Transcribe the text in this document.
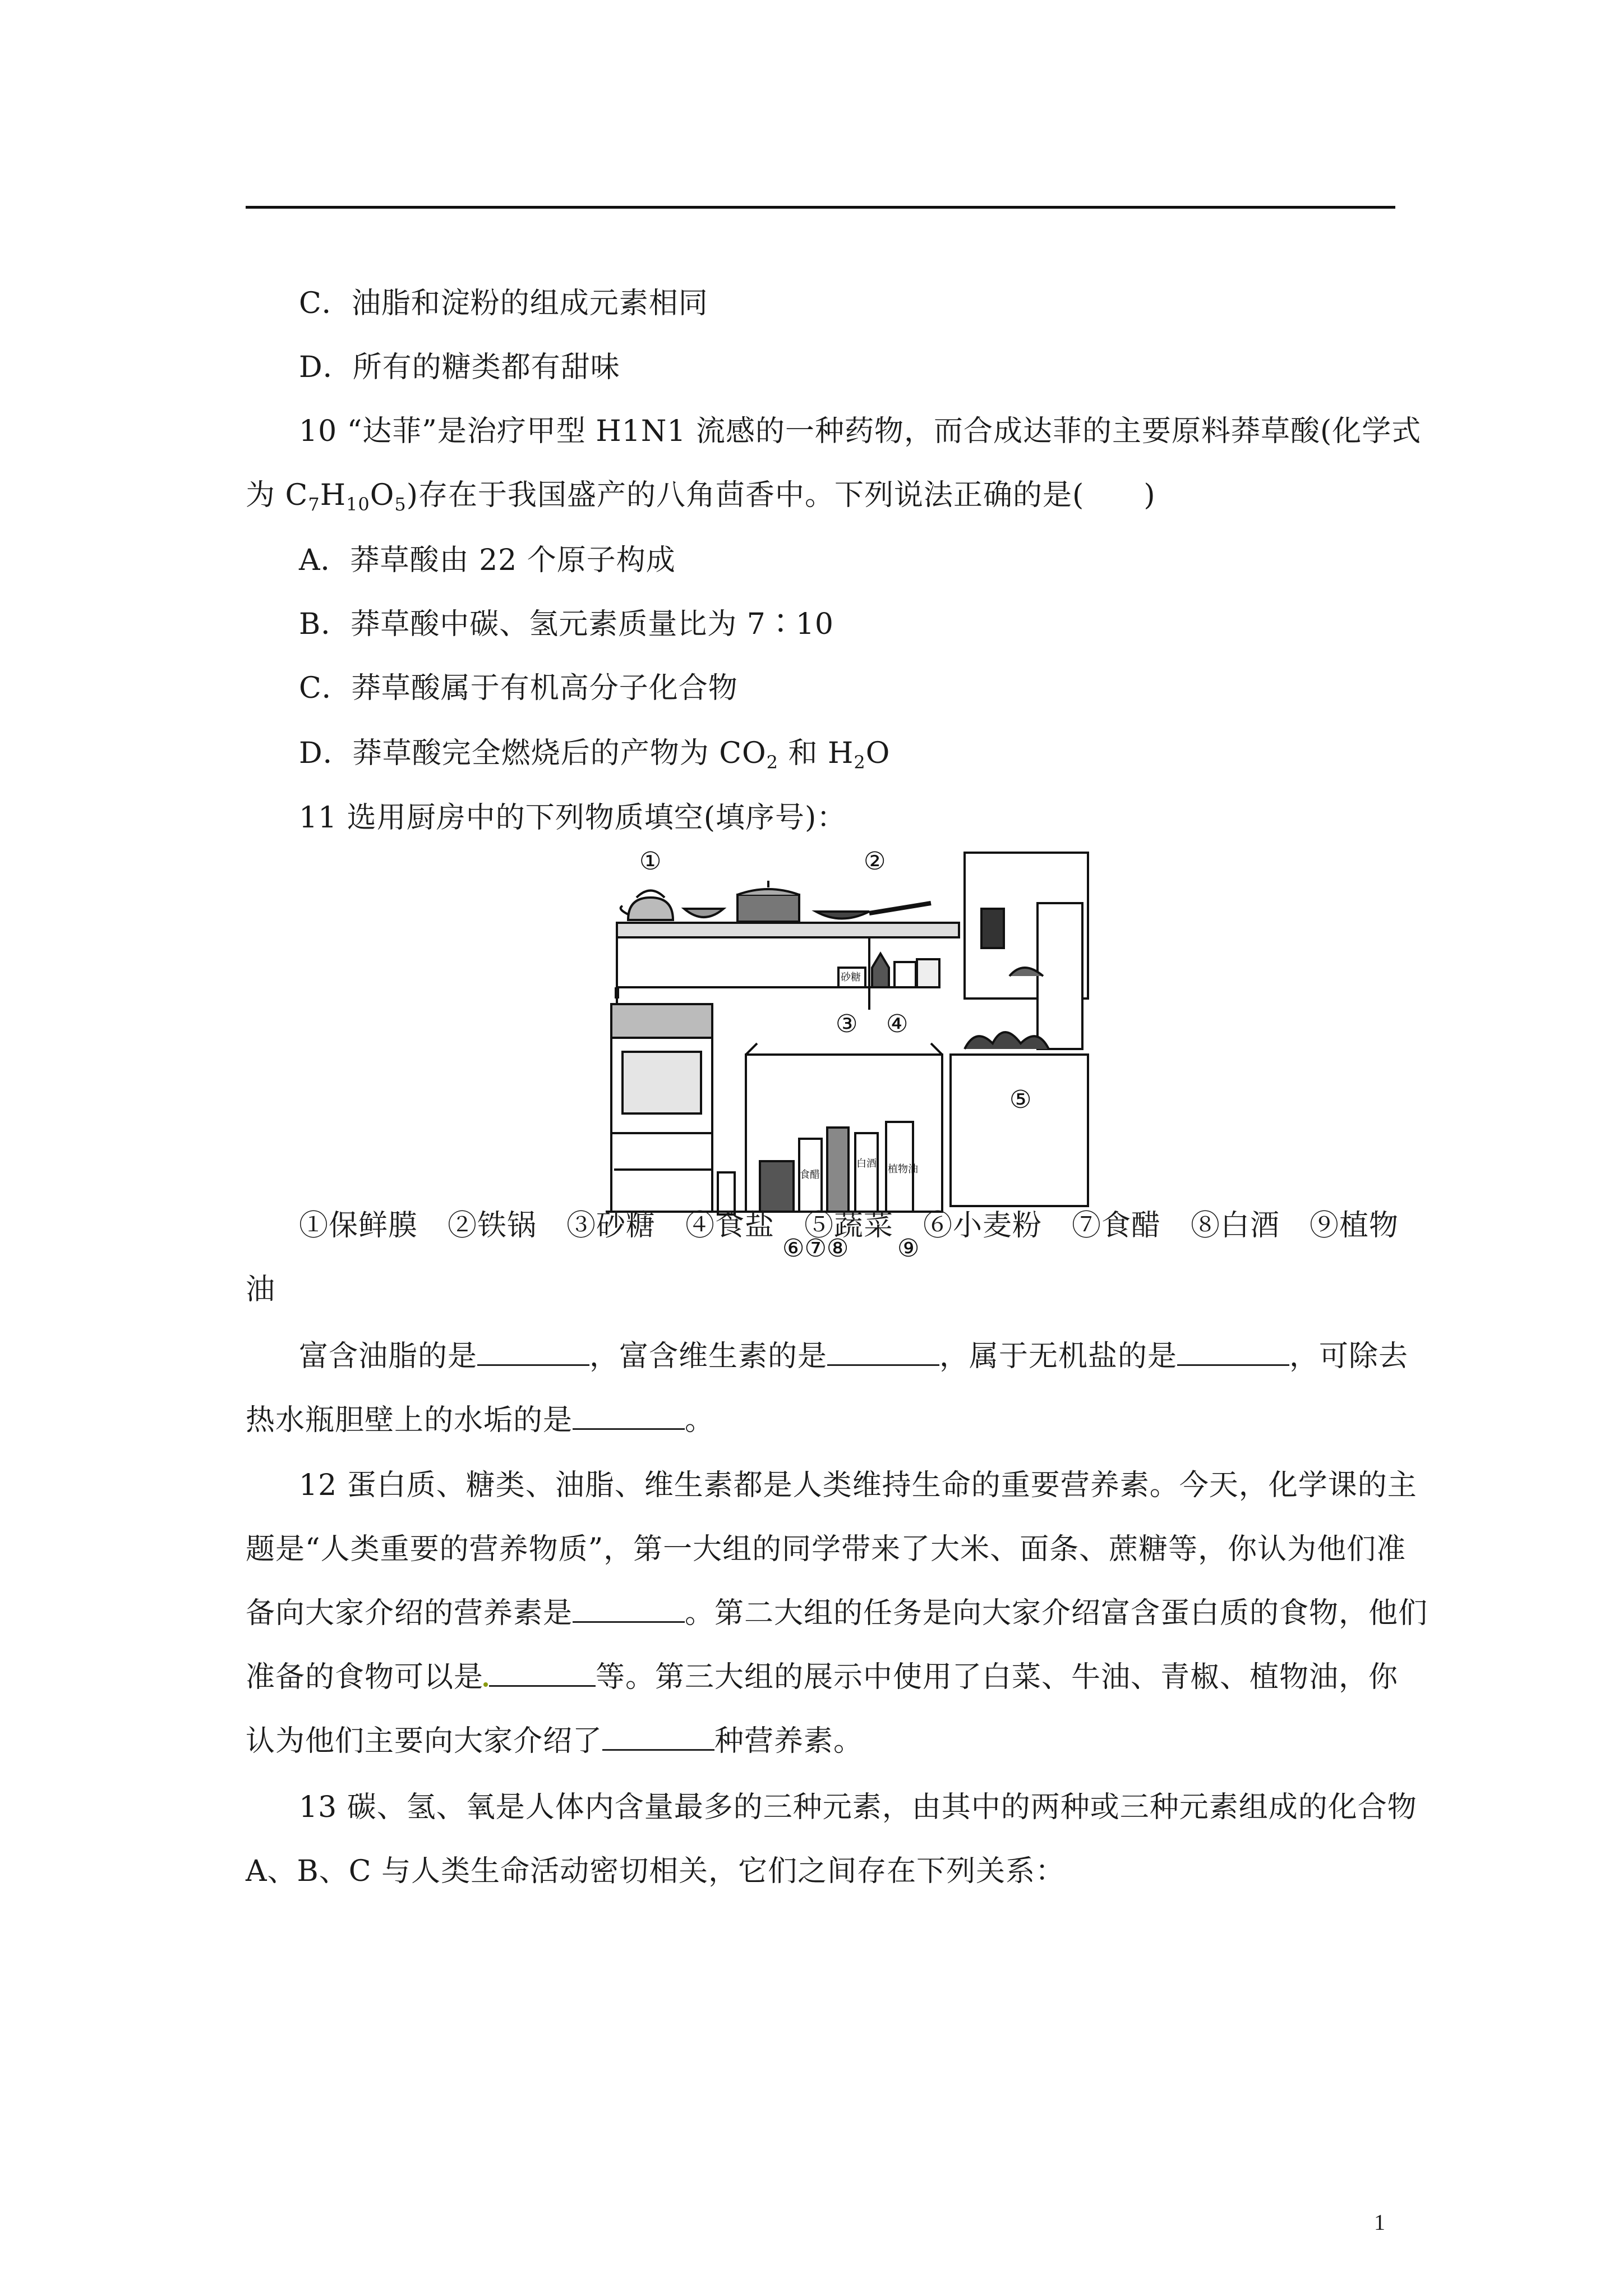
C．油脂和淀粉的组成元素相同
D．所有的糖类都有甜味
10 “达菲”是治疗甲型 H1N1 流感的一种药物，而合成达菲的主要原料莽草酸(化学式
为 $C_7H_{10}O_5$)存在于我国盛产的八角茴香中。下列说法正确的是(　　)
A．莽草酸由 22 个原子构成
B．莽草酸中碳、氢元素质量比为 7∶10
C．莽草酸属于有机高分子化合物
D．莽草酸完全燃烧后的产物为 $CO_2$ 和 $H_2O$
11 选用厨房中的下列物质填空(填序号)：
①	②
③ ④
⑤
⑥⑦⑧ ⑨
砂糖
食醋
白酒 植物油
①保鲜膜　②铁锅　③砂糖　④食盐　⑤蔬菜　⑥小麦粉　⑦食醋　⑧白酒　⑨植物
油
富含油脂的是	，富含维生素的是	，属于无机盐的是	，可除去
热水瓶胆壁上的水垢的是	。
12 蛋白质、糖类、油脂、维生素都是人类维持生命的重要营养素。今天，化学课的主
题是“人类重要的营养物质”，第一大组的同学带来了大米、面条、蔗糖等，你认为他们准
备向大家介绍的营养素是	。第二大组的任务是向大家介绍富含蛋白质的食物，他们
准备的食物可以是	等。第三大组的展示中使用了白菜、牛油、青椒、植物油，你
认为他们主要向大家介绍了	种营养素。
13 碳、氢、氧是人体内含量最多的三种元素，由其中的两种或三种元素组成的化合物
A、B、C 与人类生命活动密切相关，它们之间存在下列关系：
1
